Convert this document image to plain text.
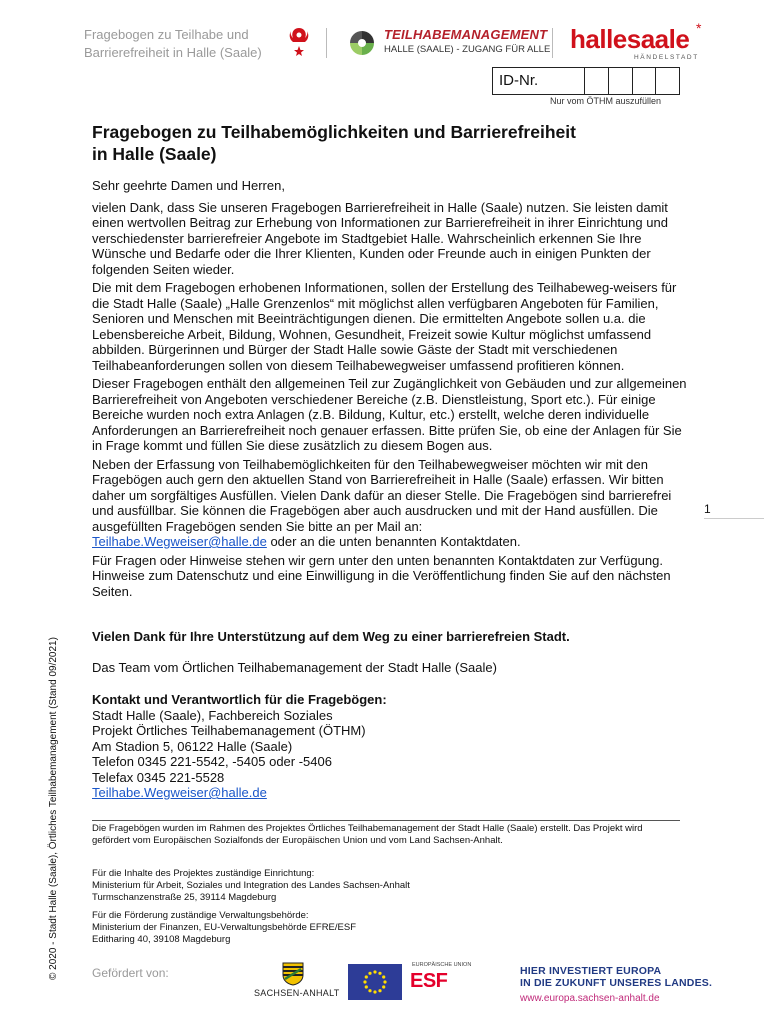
Fragebogen zu Teilhabe und
Barrierefreiheit in Halle (Saale)
TEILHABEMANAGEMENT
HALLE (SAALE) - ZUGANG FÜR ALLE hallesaale *
HÄNDELSTADT
ID-Nr.
Nur vom ÖTHM auszufüllen
Fragebogen zu Teilhabemöglichkeiten und Barrierefreiheit
in Halle (Saale)

Sehr geehrte Damen und Herren,

vielen Dank, dass Sie unseren Fragebogen Barrierefreiheit in Halle (Saale) nutzen. Sie leisten damit einen wertvollen Beitrag zur Erhebung von Informationen zur Barrierefreiheit in ihrer Einrichtung und verschiedenster barrierefreier Angebote im Stadtgebiet Halle. Wahrscheinlich erkennen Sie Ihre Wünsche und Bedarfe oder die Ihrer Klienten, Kunden oder Freunde auch in einigen Punkten der folgenden Seiten wieder.

Die mit dem Fragebogen erhobenen Informationen, sollen der Erstellung des Teilhabeweg-weisers für die Stadt Halle (Saale) „Halle Grenzenlos“ mit möglichst allen verfügbaren Angeboten für Familien, Senioren und Menschen mit Beeinträchtigungen dienen. Die ermittelten Angebote sollen u.a. die Lebensbereiche Arbeit, Bildung, Wohnen, Gesundheit, Freizeit sowie Kultur möglichst umfassend abbilden. Bürgerinnen und Bürger der Stadt Halle sowie Gäste der Stadt mit verschiedenen Teilhabeanforderungen sollen von diesem Teilhabewegweiser umfassend profitieren können.

Dieser Fragebogen enthält den allgemeinen Teil zur Zugänglichkeit von Gebäuden und zur allgemeinen Barrierefreiheit von Angeboten verschiedener Bereiche (z.B. Dienstleistung, Sport etc.). Für einige Bereiche wurden noch extra Anlagen (z.B. Bildung, Kultur, etc.) erstellt, welche deren individuelle Anforderungen an Barrierefreiheit noch genauer erfassen. Bitte prüfen Sie, ob eine der Anlagen für Sie in Frage kommt und füllen Sie diese zusätzlich zu diesem Bogen aus.

Neben der Erfassung von Teilhabemöglichkeiten für den Teilhabewegweiser möchten wir mit den Fragebögen auch gern den aktuellen Stand von Barrierefreiheit in Halle (Saale) erfassen. Wir bitten daher um sorgfältiges Ausfüllen. Vielen Dank dafür an dieser Stelle. Die Fragebögen sind barrierefrei und ausfüllbar. Sie können die Fragebögen aber auch ausdrucken und mit der Hand ausfüllen. Die ausgefüllten Fragebögen senden Sie bitte an per Mail an:
Teilhabe.Wegweiser@halle.de oder an die unten benannten Kontaktdaten.

Für Fragen oder Hinweise stehen wir gern unter den unten benannten Kontaktdaten zur Verfügung. Hinweise zum Datenschutz und eine Einwilligung in die Veröffentlichung finden Sie auf den nächsten Seiten.

1
© 2020 - Stadt Halle (Saale), Örtliches Teilhabemanagement (Stand 09/2021)
Vielen Dank für Ihre Unterstützung auf dem Weg zu einer barrierefreien Stadt.
Das Team vom Örtlichen Teilhabemanagement der Stadt Halle (Saale)
Kontakt und Verantwortlich für die Fragebögen:
Stadt Halle (Saale), Fachbereich Soziales
Projekt Örtliches Teilhabemanagement (ÖTHM)
Am Stadion 5, 06122 Halle (Saale)
Telefon 0345 221-5542, -5405 oder -5406
Telefax 0345 221-5528
Teilhabe.Wegweiser@halle.de
Die Fragebögen wurden im Rahmen des Projektes Örtliches Teilhabemanagement der Stadt Halle (Saale) erstellt. Das Projekt wird gefördert vom Europäischen Sozialfonds der Europäischen Union und vom Land Sachsen-Anhalt.
Für die Inhalte des Projektes zuständige Einrichtung:
Ministerium für Arbeit, Soziales und Integration des Landes Sachsen-Anhalt
Turmschanzenstraße 25, 39114 Magdeburg
Für die Förderung zuständige Verwaltungsbehörde:
Ministerium der Finanzen, EU-Verwaltungsbehörde EFRE/ESF
Editharing 40, 39108 Magdeburg
Gefördert von:
SACHSEN-ANHALT
EUROPÄISCHE UNION
ESF	HIER INVESTIERT EUROPA
IN DIE ZUKUNFT UNSERES LANDES.
www.europa.sachsen-anhalt.de
